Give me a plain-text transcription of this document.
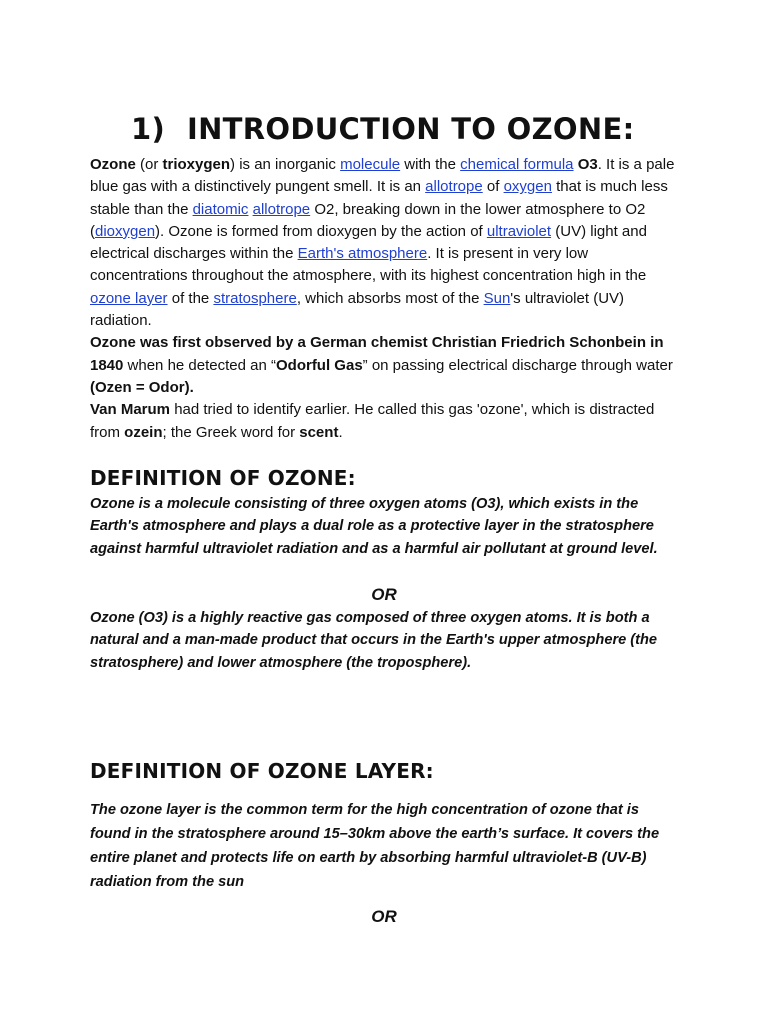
1) INTRODUCTION TO OZONE:

Ozone (or trioxygen) is an inorganic molecule with the chemical formula O3. It is a pale blue gas with a distinctively pungent smell. It is an allotrope of oxygen that is much less stable than the diatomic allotrope O2, breaking down in the lower atmosphere to O2 (dioxygen). Ozone is formed from dioxygen by the action of ultraviolet (UV) light and electrical discharges within the Earth's atmosphere. It is present in very low concentrations throughout the atmosphere, with its highest concentration high in the ozone layer of the stratosphere, which absorbs most of the Sun's ultraviolet (UV) radiation.

Ozone was first observed by a German chemist Christian Friedrich Schonbein in 1840 when he detected an “Odorful Gas” on passing electrical discharge through water (Ozen = Odor).

Van Marum had tried to identify earlier. He called this gas 'ozone', which is distracted from ozein; the Greek word for scent.

DEFINITION OF OZONE:

Ozone is a molecule consisting of three oxygen atoms (O3), which exists in the Earth's atmosphere and plays a dual role as a protective layer in the stratosphere against harmful ultraviolet radiation and as a harmful air pollutant at ground level.

OR

Ozone (O3) is a highly reactive gas composed of three oxygen atoms. It is both a natural and a man-made product that occurs in the Earth's upper atmosphere (the stratosphere) and lower atmosphere (the troposphere).

DEFINITION OF OZONE LAYER:

The ozone layer is the common term for the high concentration of ozone that is found in the stratosphere around 15–30km above the earth’s surface. It covers the entire planet and protects life on earth by absorbing harmful ultraviolet-B (UV-B) radiation from the sun

OR
